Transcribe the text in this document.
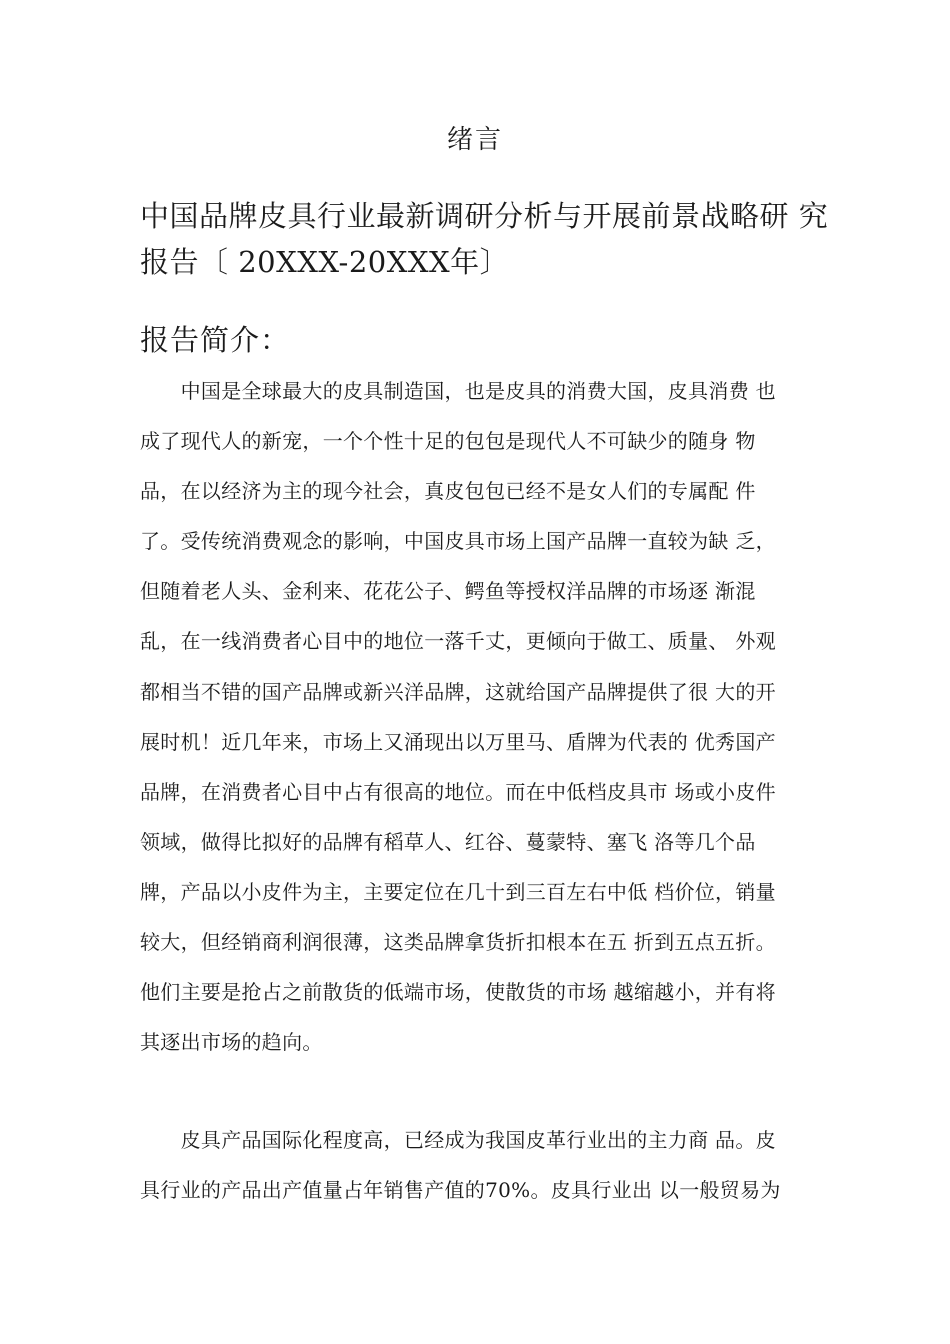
绪言
中国品牌皮具行业最新调研分析与开展前景战略研 究
报告〔 20XXX-20XXX年〕
报告简介：
　　中国是全球最大的皮具制造国，也是皮具的消费大国，皮具消费 也
成了现代人的新宠，一个个性十足的包包是现代人不可缺少的随身 物
品，在以经济为主的现今社会，真皮包包已经不是女人们的专属配 件
了。受传统消费观念的影响，中国皮具市场上国产品牌一直较为缺 乏，
但随着老人头、金利来、花花公子、鳄鱼等授权洋品牌的市场逐 渐混
乱，在一线消费者心目中的地位一落千丈，更倾向于做工、质量、 外观
都相当不错的国产品牌或新兴洋品牌，这就给国产品牌提供了很 大的开
展时机！近几年来，市场上又涌现出以万里马、盾牌为代表的 优秀国产
品牌，在消费者心目中占有很高的地位。而在中低档皮具市 场或小皮件
领域，做得比拟好的品牌有稻草人、红谷、蔓蒙特、塞飞 洛等几个品
牌，产品以小皮件为主，主要定位在几十到三百左右中低 档价位，销量
较大，但经销商利润很薄，这类品牌拿货折扣根本在五 折到五点五折。
他们主要是抢占之前散货的低端市场，使散货的市场 越缩越小，并有将
其逐出市场的趋向。
　　皮具产品国际化程度高，已经成为我国皮革行业出的主力商 品。皮
具行业的产品出产值量占年销售产值的70%。皮具行业出 以一般贸易为
